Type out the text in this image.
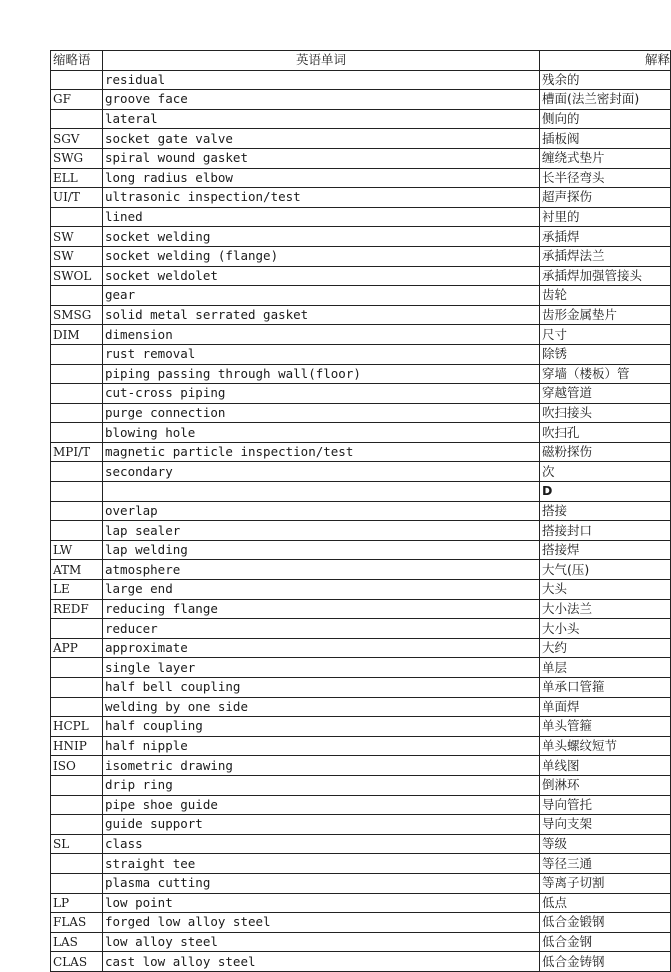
缩略语	英语单词	解释
	residual	残余的
GF	groove face	槽面(法兰密封面)
	lateral	侧向的
SGV	socket gate valve	插板阀
SWG	spiral wound gasket	缠绕式垫片
ELL	long radius elbow	长半径弯头
UI/T	ultrasonic inspection/test	超声探伤
	lined	衬里的
SW	socket welding	承插焊
SW	socket welding (flange)	承插焊法兰
SWOL	socket weldolet	承插焊加强管接头
	gear	齿轮
SMSG	solid metal serrated gasket	齿形金属垫片
DIM	dimension	尺寸
	rust removal	除锈
	piping passing through wall(floor)	穿墙（楼板）管
	cut-cross piping	穿越管道
	purge connection	吹扫接头
	blowing hole	吹扫孔
MPI/T	magnetic particle inspection/test	磁粉探伤
	secondary	次
		D
	overlap	搭接
	lap sealer	搭接封口
LW	lap welding	搭接焊
ATM	atmosphere	大气(压)
LE	large end	大头
REDF	reducing flange	大小法兰
	reducer	大小头
APP	approximate	大约
	single layer	单层
	half bell coupling	单承口管箍
	welding by one side	单面焊
HCPL	half coupling	单头管箍
HNIP	half nipple	单头螺纹短节
ISO	isometric drawing	单线图
	drip ring	倒淋环
	pipe shoe guide	导向管托
	guide support	导向支架
SL	class	等级
	straight tee	等径三通
	plasma cutting	等离子切割
LP	low point	低点
FLAS	forged low alloy steel	低合金锻钢
LAS	low alloy steel	低合金钢
CLAS	cast low alloy steel	低合金铸钢
